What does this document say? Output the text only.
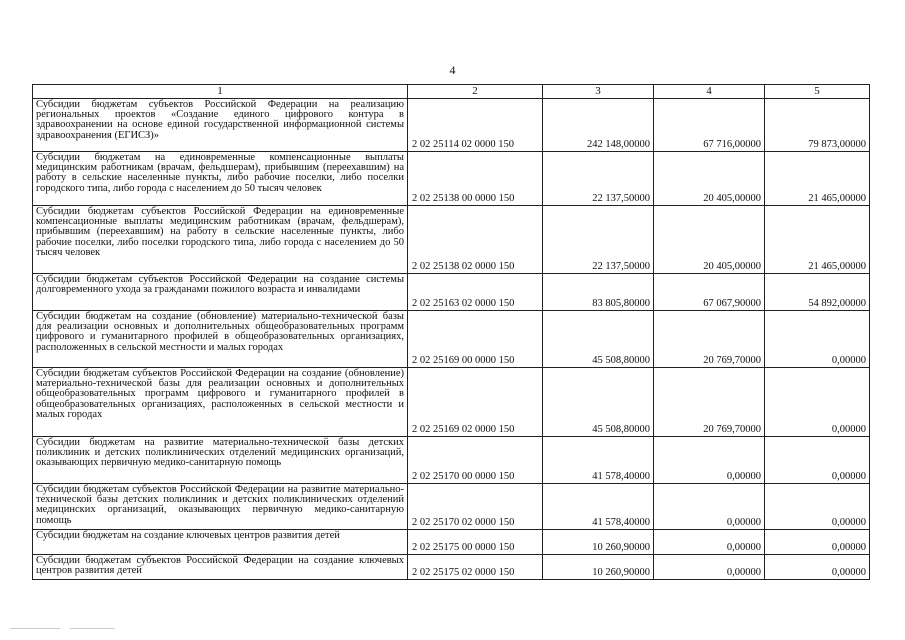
4
1	2	3	4	5
Субсидии бюджетам субъектов Российской Федерации на реализацию региональных проектов «Создание единого цифрового контура в здравоохранении на основе единой государственной информационной системы здравоохранения (ЕГИСЗ)»	2 02 25114 02 0000 150	242 148,00000	67 716,00000	79 873,00000
Субсидии бюджетам на единовременные компенсационные выплаты медицинским работникам (врачам, фельдшерам), прибывшим (переехавшим) на работу в сельские населенные пункты, либо рабочие поселки, либо поселки городского типа, либо города с населением до 50 тысяч человек	2 02 25138 00 0000 150	22 137,50000	20 405,00000	21 465,00000
Субсидии бюджетам субъектов Российской Федерации на единовременные компенсационные выплаты медицинским работникам (врачам, фельдшерам), прибывшим (переехавшим) на работу в сельские населенные пункты, либо рабочие поселки, либо поселки городского типа, либо города с населением до 50 тысяч человек	2 02 25138 02 0000 150	22 137,50000	20 405,00000	21 465,00000
Субсидии бюджетам субъектов Российской Федерации на создание системы долговременного ухода за гражданами пожилого возраста и инвалидами	2 02 25163 02 0000 150	83 805,80000	67 067,90000	54 892,00000
Субсидии бюджетам на создание (обновление) материально-технической базы для реализации основных и дополнительных общеобразовательных программ цифрового и гуманитарного профилей в общеобразовательных организациях, расположенных в сельской местности и малых городах	2 02 25169 00 0000 150	45 508,80000	20 769,70000	0,00000
Субсидии бюджетам субъектов Российской Федерации на создание (обновление) материально-технической базы для реализации основных и дополнительных общеобразовательных программ цифрового и гуманитарного профилей в общеобразовательных организациях, расположенных в сельской местности и малых городах	2 02 25169 02 0000 150	45 508,80000	20 769,70000	0,00000
Субсидии бюджетам на развитие материально-технической базы детских поликлиник и детских поликлинических отделений медицинских организаций, оказывающих первичную медико-санитарную помощь	2 02 25170 00 0000 150	41 578,40000	0,00000	0,00000
Субсидии бюджетам субъектов Российской Федерации на развитие материально-технической базы детских поликлиник и детских поликлинических отделений медицинских организаций, оказывающих первичную медико-санитарную помощь	2 02 25170 02 0000 150	41 578,40000	0,00000	0,00000
Субсидии бюджетам на создание ключевых центров развития детей	2 02 25175 00 0000 150	10 260,90000	0,00000	0,00000
Субсидии бюджетам субъектов Российской Федерации на создание ключевых центров развития детей	2 02 25175 02 0000 150	10 260,90000	0,00000	0,00000
